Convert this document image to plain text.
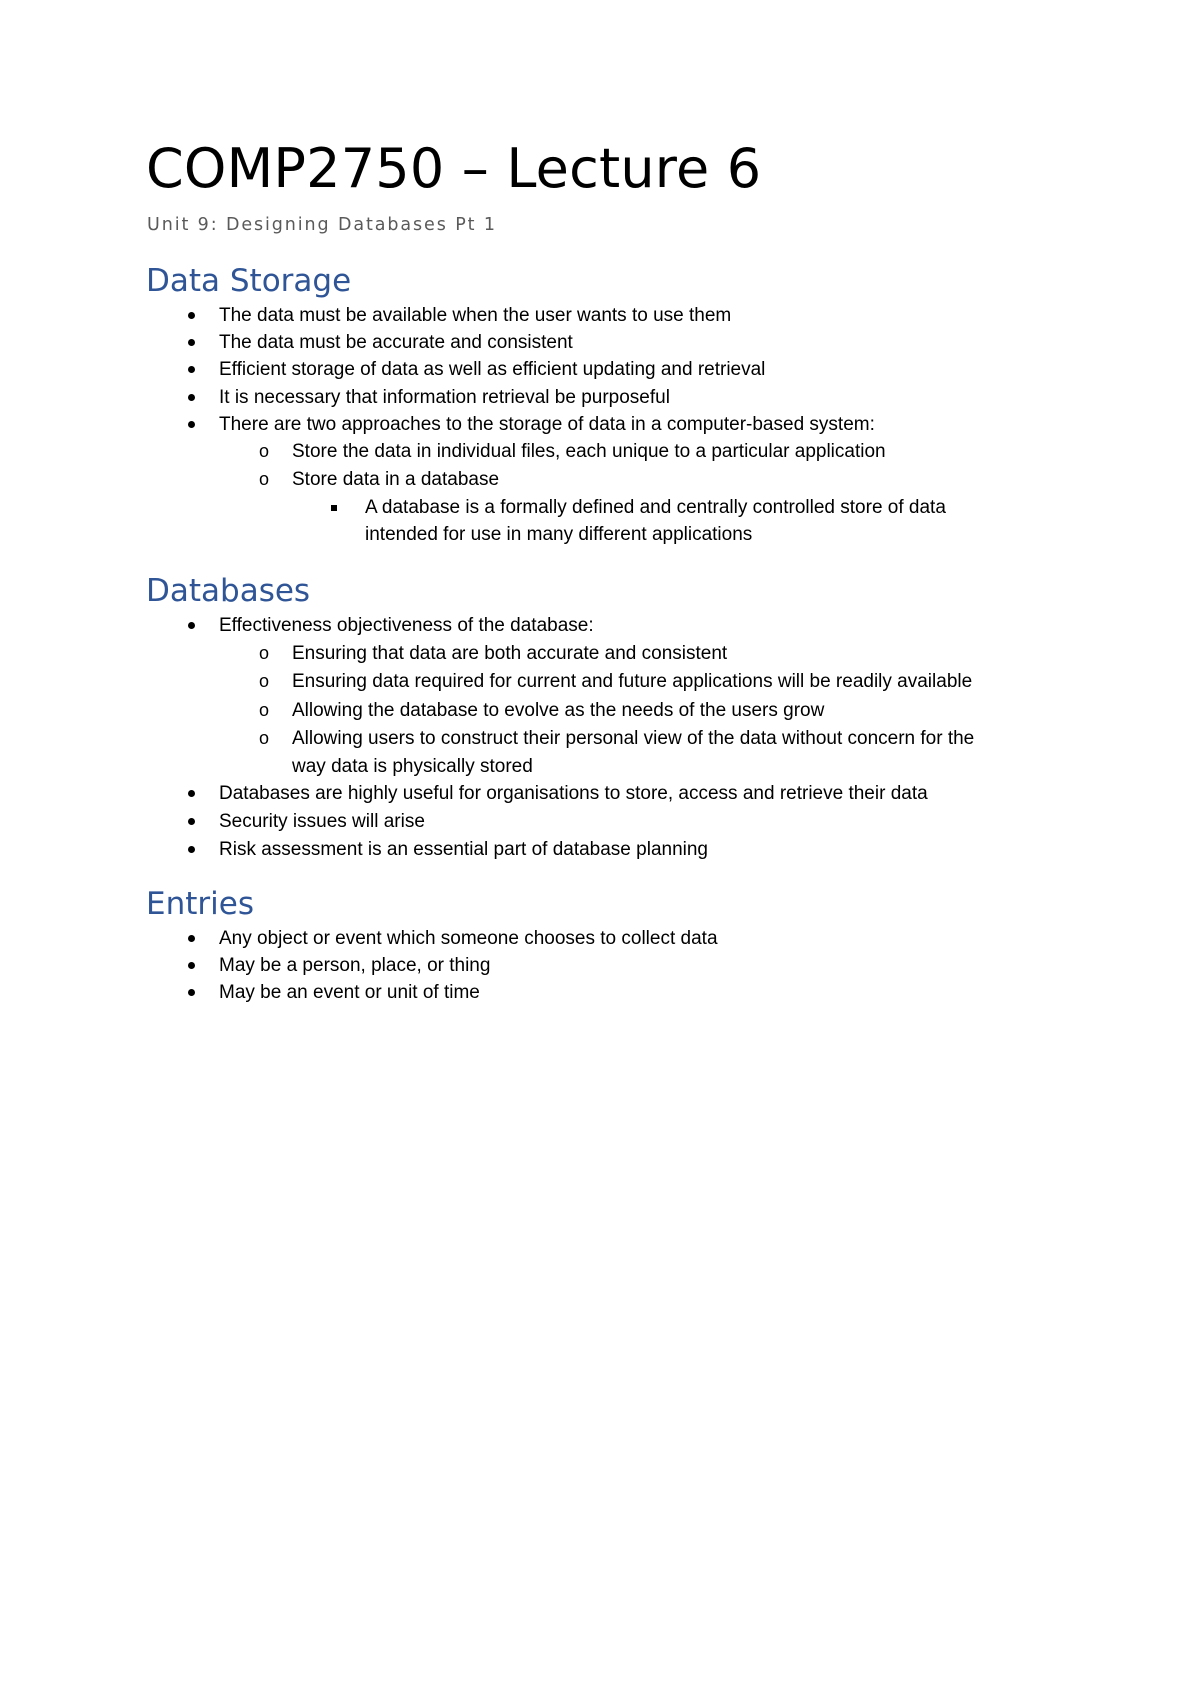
COMP2750 – Lecture 6
Unit 9: Designing Databases Pt 1
Data Storage
The data must be available when the user wants to use them
The data must be accurate and consistent
Efficient storage of data as well as efficient updating and retrieval
It is necessary that information retrieval be purposeful
There are two approaches to the storage of data in a computer-based system:
o Store the data in individual files, each unique to a particular application
o Store data in a database
A database is a formally defined and centrally controlled store of data
intended for use in many different applications
Databases
Effectiveness objectiveness of the database:
o Ensuring that data are both accurate and consistent
o Ensuring data required for current and future applications will be readily available
o Allowing the database to evolve as the needs of the users grow
o Allowing users to construct their personal view of the data without concern for the
way data is physically stored
Databases are highly useful for organisations to store, access and retrieve their data
Security issues will arise
Risk assessment is an essential part of database planning
Entries
Any object or event which someone chooses to collect data
May be a person, place, or thing
May be an event or unit of time
